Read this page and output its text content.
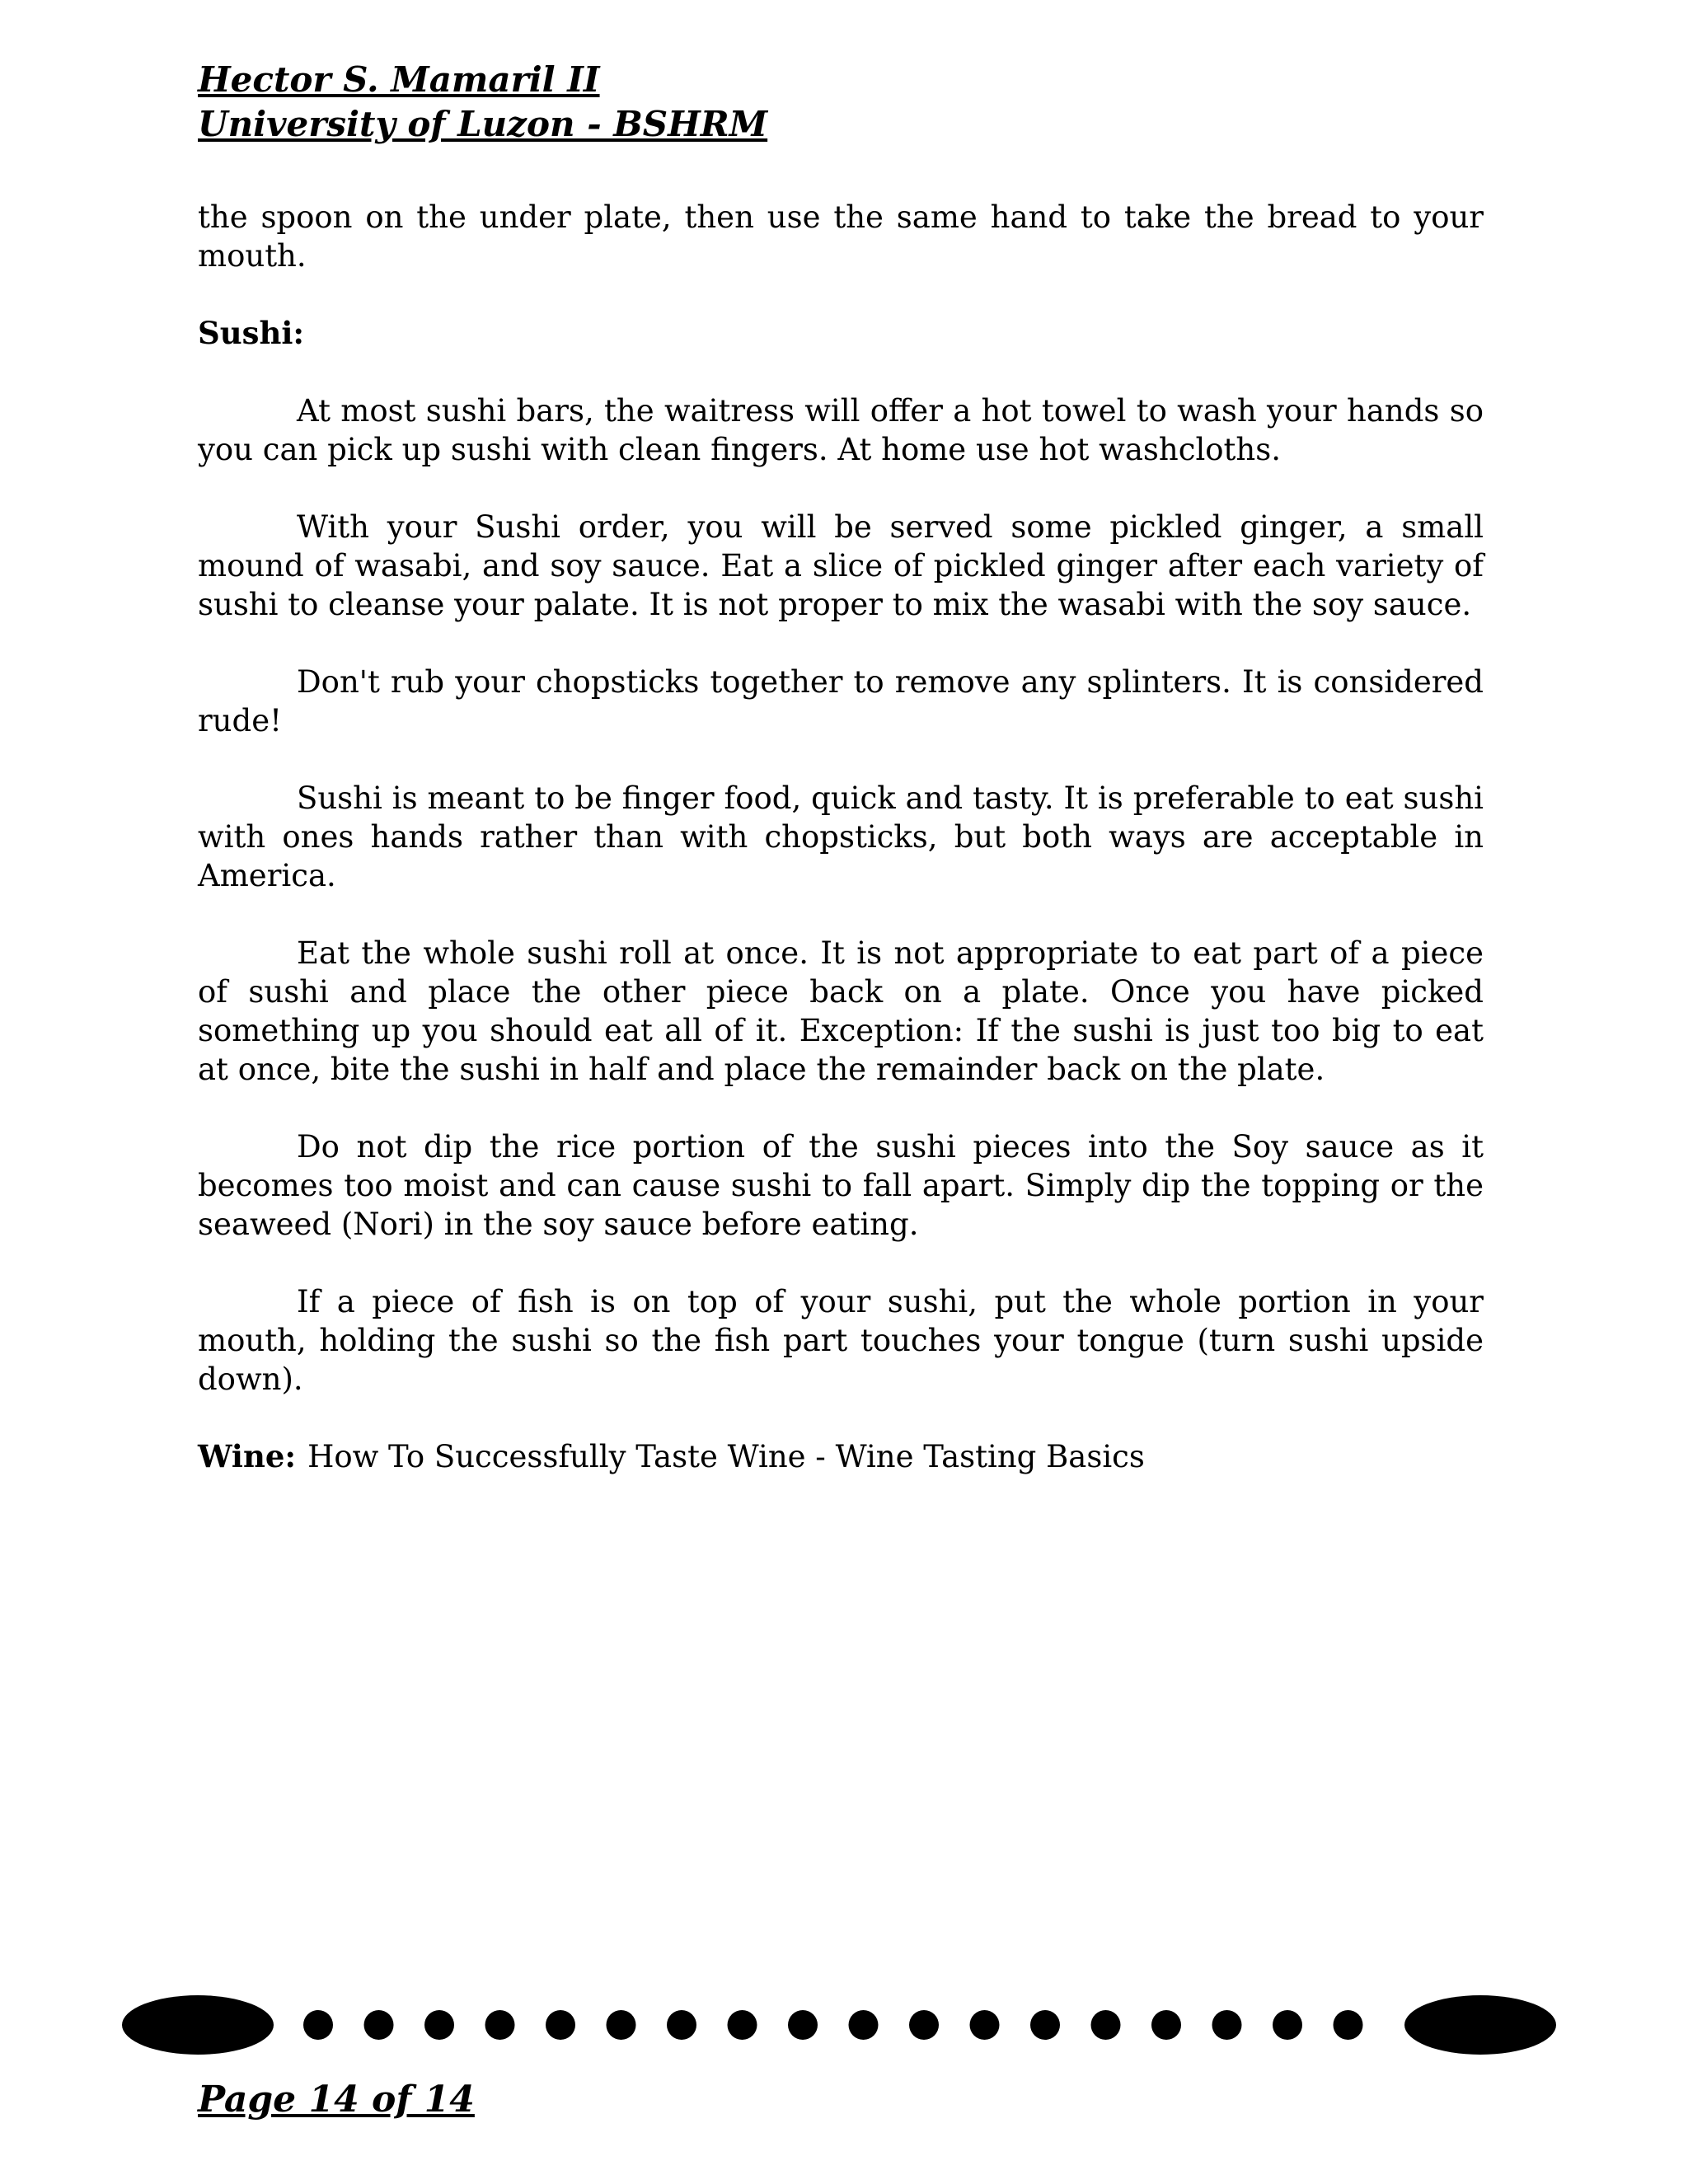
Hector S. Mamaril II
University of Luzon - BSHRM

the spoon on the under plate, then use the same hand to take the bread to your mouth.

Sushi:

At most sushi bars, the waitress will offer a hot towel to wash your hands so you can pick up sushi with clean fingers. At home use hot washcloths.

With your Sushi order, you will be served some pickled ginger, a small mound of wasabi, and soy sauce. Eat a slice of pickled ginger after each variety of sushi to cleanse your palate. It is not proper to mix the wasabi with the soy sauce.

Don't rub your chopsticks together to remove any splinters. It is considered rude!

Sushi is meant to be finger food, quick and tasty. It is preferable to eat sushi with ones hands rather than with chopsticks, but both ways are acceptable in America.

Eat the whole sushi roll at once. It is not appropriate to eat part of a piece of sushi and place the other piece back on a plate. Once you have picked something up you should eat all of it. Exception: If the sushi is just too big to eat at once, bite the sushi in half and place the remainder back on the plate.

Do not dip the rice portion of the sushi pieces into the Soy sauce as it becomes too moist and can cause sushi to fall apart. Simply dip the topping or the seaweed (Nori) in the soy sauce before eating.

If a piece of fish is on top of your sushi, put the whole portion in your mouth, holding the sushi so the fish part touches your tongue (turn sushi upside down).

Wine: How To Successfully Taste Wine - Wine Tasting Basics

Page 14 of 14
